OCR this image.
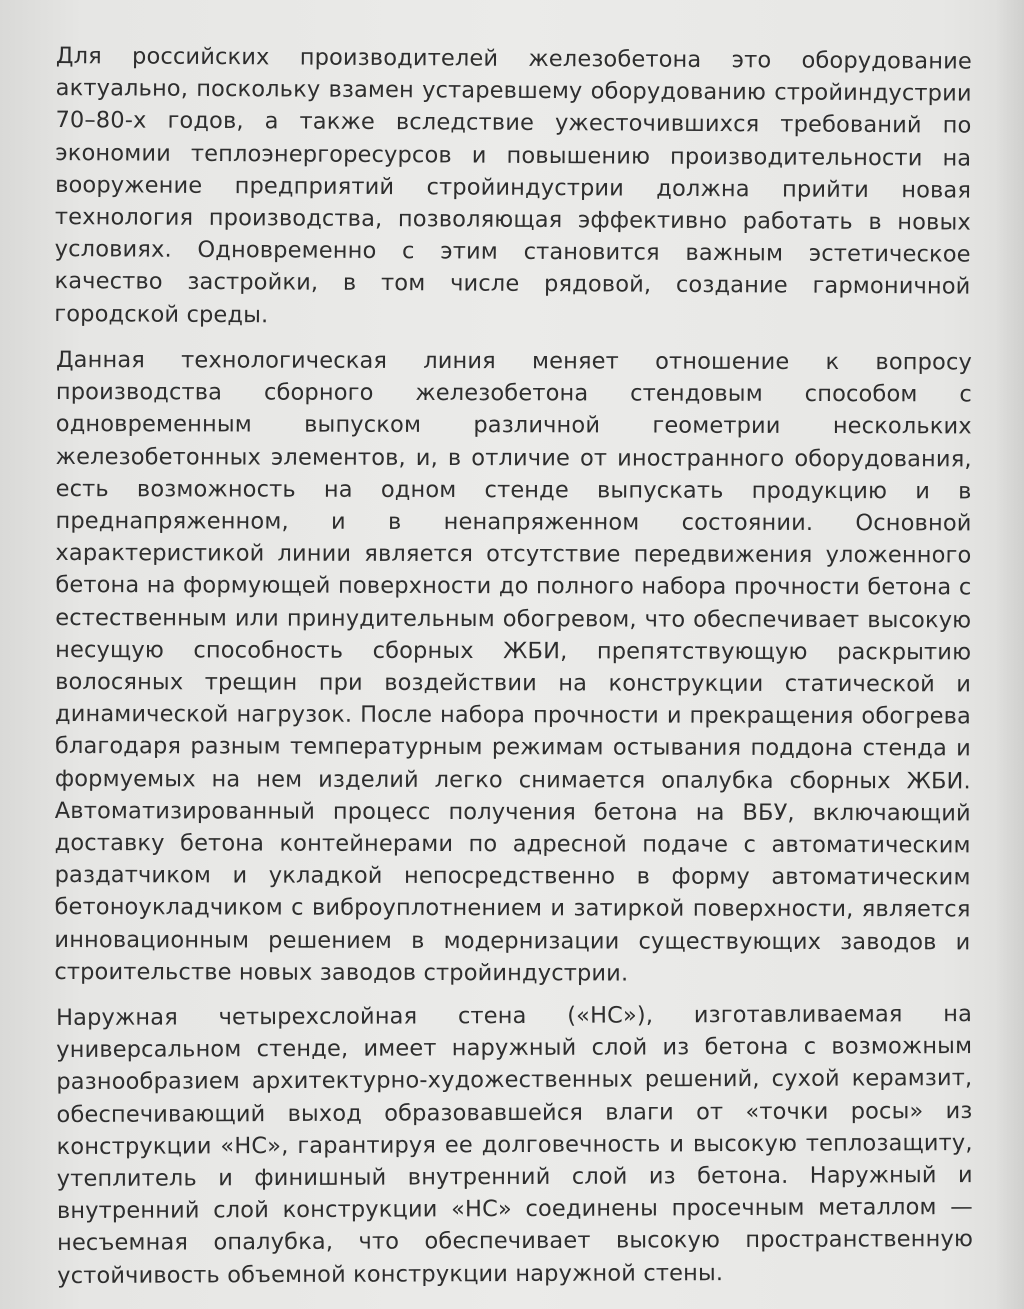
Для российских производителей железобетона это оборудование актуально, поскольку взамен устаревшему оборудованию стройиндустрии 70–80-х годов, а также вследствие ужесточившихся требований по экономии теплоэнергоресурсов и повышению производительности на вооружение предприятий стройиндустрии должна прийти новая технология производства, позволяющая эффективно работать в новых условиях. Одновременно с этим становится важным эстетическое качество застройки, в том числе рядовой, создание гармоничной городской среды.

Данная технологическая линия меняет отношение к вопросу производства сборного железобетона стендовым способом с одновременным выпуском различной геометрии нескольких железобетонных элементов, и, в отличие от иностранного оборудования, есть возможность на одном стенде выпускать продукцию и в преднапряженном, и в ненапряженном состоянии. Основной характеристикой линии является отсутствие передвижения уложенного бетона на формующей поверхности до полного набора прочности бетона с естественным или принудительным обогревом, что обеспечивает высокую несущую способность сборных ЖБИ, препятствующую раскрытию волосяных трещин при воздействии на конструкции статической и динамической нагрузок. После набора прочности и прекращения обогрева благодаря разным температурным режимам остывания поддона стенда и формуемых на нем изделий легко снимается опалубка сборных ЖБИ. Автоматизированный процесс получения бетона на ВБУ, включающий доставку бетона контейнерами по адресной подаче с автоматическим раздатчиком и укладкой непосредственно в форму автоматическим бетоноукладчиком с виброуплотнением и затиркой поверхности, является инновационным решением в модернизации существующих заводов и строительстве новых заводов стройиндустрии.

Наружная четырехслойная стена («НС»), изготавливаемая на универсальном стенде, имеет наружный слой из бетона с возможным разнообразием архитектурно-художественных решений, сухой керамзит, обеспечивающий выход образовавшейся влаги от «точки росы» из конструкции «НС», гарантируя ее долговечность и высокую теплозащиту, утеплитель и финишный внутренний слой из бетона. Наружный и внутренний слой конструкции «НС» соединены просечным металлом — несъемная опалубка, что обеспечивает высокую пространственную устойчивость объемной конструкции наружной стены.
